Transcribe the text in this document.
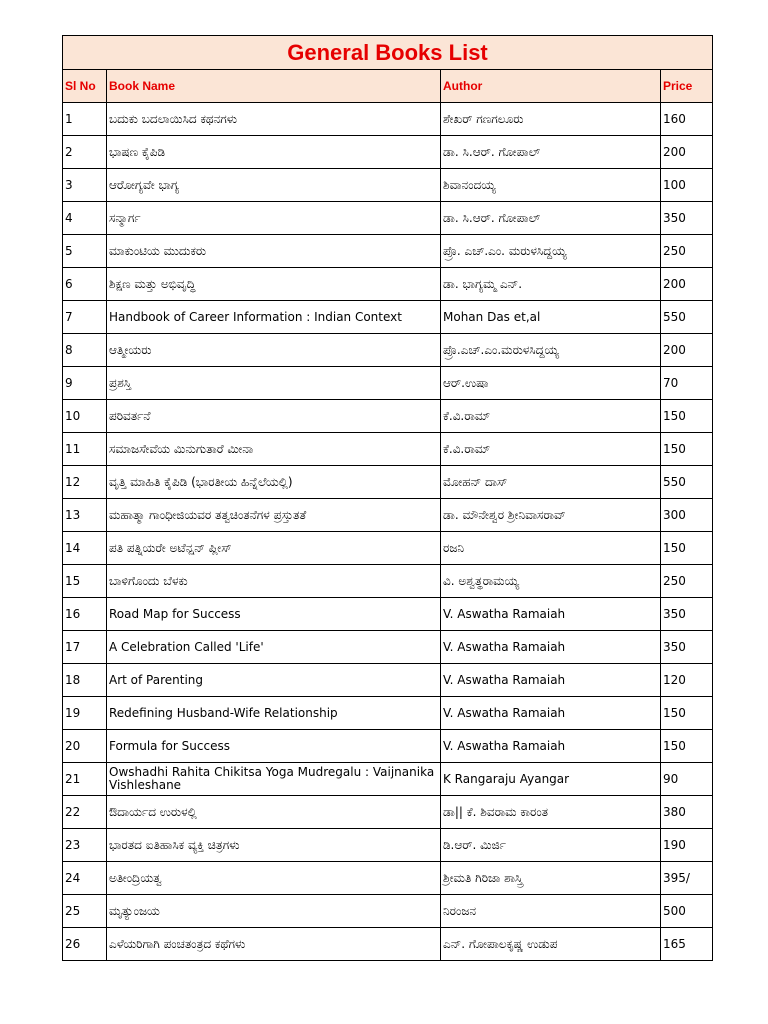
General Books List			
Sl No	Book Name	Author	Price
1	ಬದುಕು ಬದಲಾಯಿಸಿದ ಕಥನಗಳು	ಶೇಖರ್ ಗಣಗಲೂರು	160
2	ಭಾಷಣ ಕೈಪಿಡಿ	ಡಾ. ಸಿ.ಆರ್. ಗೋಪಾಲ್	200
3	ಆರೋಗ್ಯವೇ ಭಾಗ್ಯ	ಶಿವಾನಂದಯ್ಯ	100
4	ಸನ್ಮಾರ್ಗ	ಡಾ. ಸಿ.ಆರ್. ಗೋಪಾಲ್	350
5	ಮಾಕುಂಟಿಯ ಮುದುಕರು	ಪ್ರೊ. ಎಚ್.ಎಂ. ಮರುಳಸಿದ್ದಯ್ಯ	250
6	ಶಿಕ್ಷಣ ಮತ್ತು ಅಭಿವೃದ್ಧಿ	ಡಾ. ಭಾಗ್ಯಮ್ಮ ಎನ್.	200
7	Handbook of Career Information : Indian Context	Mohan Das et,al	550
8	ಆತ್ಮೀಯರು	ಪ್ರೊ.ಎಚ್.ಎಂ.ಮರುಳಸಿದ್ದಯ್ಯ	200
9	ಪ್ರಶಸ್ತಿ	ಆರ್.ಉಷಾ	70
10	ಪರಿವರ್ತನೆ	ಕೆ.ವಿ.ರಾಮ್	150
11	ಸಮಾಜಸೇವೆಯ ಮಿನುಗುತಾರೆ ಮೀನಾ	ಕೆ.ವಿ.ರಾಮ್	150
12	ವೃತ್ತಿ ಮಾಹಿತಿ ಕೈಪಿಡಿ (ಭಾರತೀಯ ಹಿನ್ನೆಲೆಯಲ್ಲಿ)	ಮೋಹನ್ ದಾಸ್	550
13	ಮಹಾತ್ಮಾ ಗಾಂಧೀಜಿಯವರ ತತ್ವಚಿಂತನೆಗಳ ಪ್ರಸ್ತುತತೆ	ಡಾ. ಮೌನೇಶ್ವರ ಶ್ರೀನಿವಾಸರಾವ್	300
14	ಪತಿ ಪತ್ನಿಯರೇ ಅಟೆನ್ಷನ್ ಪ್ಲೀಸ್	ರಜನಿ	150
15	ಬಾಳಿಗೊಂದು ಬೆಳಕು	ವಿ. ಅಶ್ವತ್ಥರಾಮಯ್ಯ	250
16	Road Map for Success	V. Aswatha Ramaiah	350
17	A Celebration Called 'Life'	V. Aswatha Ramaiah	350
18	Art of Parenting	V. Aswatha Ramaiah	120
19	Redefining Husband-Wife Relationship	V. Aswatha Ramaiah	150
20	Formula for Success	V. Aswatha Ramaiah	150
21	Owshadhi Rahita Chikitsa Yoga Mudregalu : Vaijnanika Vishleshane	K Rangaraju Ayangar	90
22	ಔದಾರ್ಯದ ಉರುಳಲ್ಲಿ	ಡಾ|| ಕೆ. ಶಿವರಾಮ ಕಾರಂತ	380
23	ಭಾರತದ ಐತಿಹಾಸಿಕ ವ್ಯಕ್ತಿ ಚಿತ್ರಗಳು	ಡಿ.ಆರ್. ಮಿರ್ಜಿ	190
24	ಅತೀಂದ್ರಿಯತ್ವ	ಶ್ರೀಮತಿ ಗಿರಿಜಾ ಶಾಸ್ತ್ರಿ	395/
25	ಮೃತ್ಯುಂಜಯ	ನಿರಂಜನ	500
26	ಎಳೆಯರಿಗಾಗಿ ಪಂಚತಂತ್ರದ ಕಥೆಗಳು	ಎನ್. ಗೋಪಾಲಕೃಷ್ಣ ಉಡುಪ	165
